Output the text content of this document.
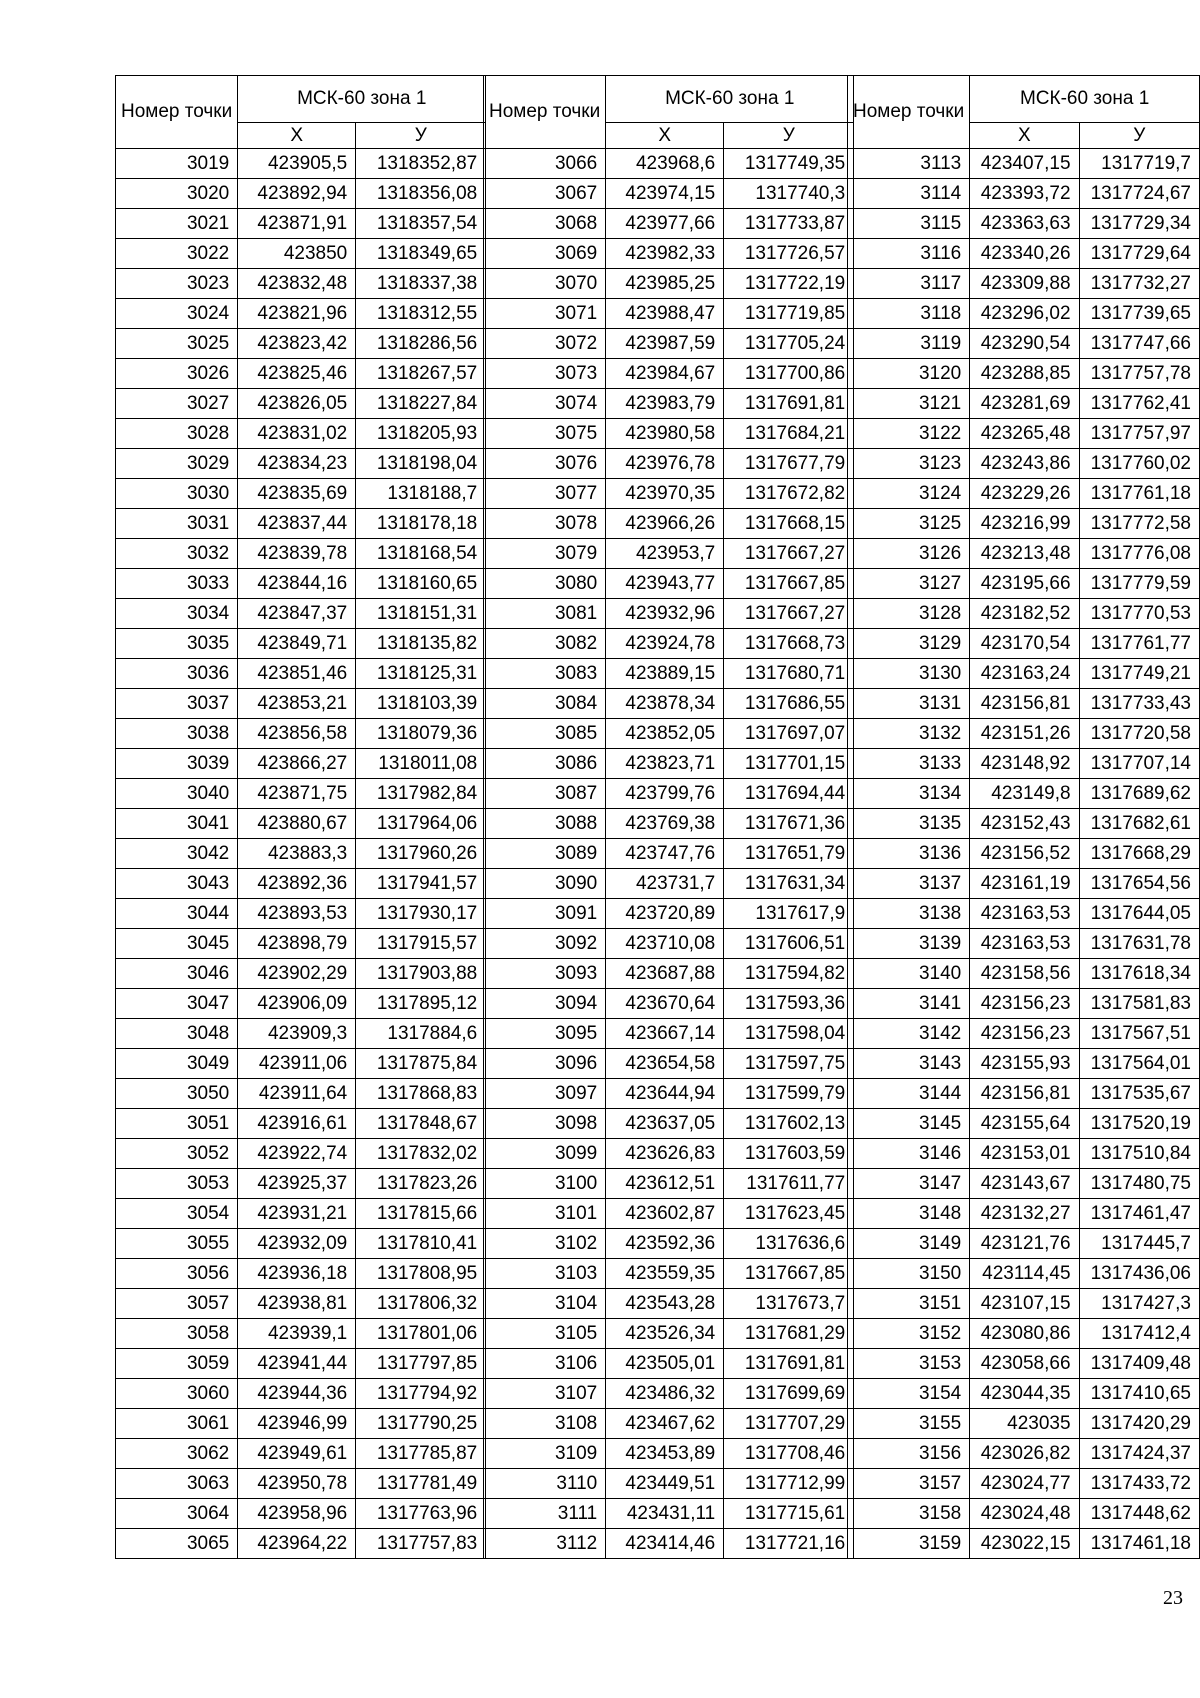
Номер точки	МСК-60 зона 1	
	Х	У
3019	423905,5	1318352,87
3020	423892,94	1318356,08
3021	423871,91	1318357,54
3022	423850	1318349,65
3023	423832,48	1318337,38
3024	423821,96	1318312,55
3025	423823,42	1318286,56
3026	423825,46	1318267,57
3027	423826,05	1318227,84
3028	423831,02	1318205,93
3029	423834,23	1318198,04
3030	423835,69	1318188,7
3031	423837,44	1318178,18
3032	423839,78	1318168,54
3033	423844,16	1318160,65
3034	423847,37	1318151,31
3035	423849,71	1318135,82
3036	423851,46	1318125,31
3037	423853,21	1318103,39
3038	423856,58	1318079,36
3039	423866,27	1318011,08
3040	423871,75	1317982,84
3041	423880,67	1317964,06
3042	423883,3	1317960,26
3043	423892,36	1317941,57
3044	423893,53	1317930,17
3045	423898,79	1317915,57
3046	423902,29	1317903,88
3047	423906,09	1317895,12
3048	423909,3	1317884,6
3049	423911,06	1317875,84
3050	423911,64	1317868,83
3051	423916,61	1317848,67
3052	423922,74	1317832,02
3053	423925,37	1317823,26
3054	423931,21	1317815,66
3055	423932,09	1317810,41
3056	423936,18	1317808,95
3057	423938,81	1317806,32
3058	423939,1	1317801,06
3059	423941,44	1317797,85
3060	423944,36	1317794,92
3061	423946,99	1317790,25
3062	423949,61	1317785,87
3063	423950,78	1317781,49
3064	423958,96	1317763,96
3065	423964,22	1317757,83
Номер точки	МСК-60 зона 1	
	Х	У
3066	423968,6	1317749,35
3067	423974,15	1317740,3
3068	423977,66	1317733,87
3069	423982,33	1317726,57
3070	423985,25	1317722,19
3071	423988,47	1317719,85
3072	423987,59	1317705,24
3073	423984,67	1317700,86
3074	423983,79	1317691,81
3075	423980,58	1317684,21
3076	423976,78	1317677,79
3077	423970,35	1317672,82
3078	423966,26	1317668,15
3079	423953,7	1317667,27
3080	423943,77	1317667,85
3081	423932,96	1317667,27
3082	423924,78	1317668,73
3083	423889,15	1317680,71
3084	423878,34	1317686,55
3085	423852,05	1317697,07
3086	423823,71	1317701,15
3087	423799,76	1317694,44
3088	423769,38	1317671,36
3089	423747,76	1317651,79
3090	423731,7	1317631,34
3091	423720,89	1317617,9
3092	423710,08	1317606,51
3093	423687,88	1317594,82
3094	423670,64	1317593,36
3095	423667,14	1317598,04
3096	423654,58	1317597,75
3097	423644,94	1317599,79
3098	423637,05	1317602,13
3099	423626,83	1317603,59
3100	423612,51	1317611,77
3101	423602,87	1317623,45
3102	423592,36	1317636,6
3103	423559,35	1317667,85
3104	423543,28	1317673,7
3105	423526,34	1317681,29
3106	423505,01	1317691,81
3107	423486,32	1317699,69
3108	423467,62	1317707,29
3109	423453,89	1317708,46
3110	423449,51	1317712,99
3111	423431,11	1317715,61
3112	423414,46	1317721,16
Номер точки	МСК-60 зона 1	
	Х	У
3113	423407,15	1317719,7
3114	423393,72	1317724,67
3115	423363,63	1317729,34
3116	423340,26	1317729,64
3117	423309,88	1317732,27
3118	423296,02	1317739,65
3119	423290,54	1317747,66
3120	423288,85	1317757,78
3121	423281,69	1317762,41
3122	423265,48	1317757,97
3123	423243,86	1317760,02
3124	423229,26	1317761,18
3125	423216,99	1317772,58
3126	423213,48	1317776,08
3127	423195,66	1317779,59
3128	423182,52	1317770,53
3129	423170,54	1317761,77
3130	423163,24	1317749,21
3131	423156,81	1317733,43
3132	423151,26	1317720,58
3133	423148,92	1317707,14
3134	423149,8	1317689,62
3135	423152,43	1317682,61
3136	423156,52	1317668,29
3137	423161,19	1317654,56
3138	423163,53	1317644,05
3139	423163,53	1317631,78
3140	423158,56	1317618,34
3141	423156,23	1317581,83
3142	423156,23	1317567,51
3143	423155,93	1317564,01
3144	423156,81	1317535,67
3145	423155,64	1317520,19
3146	423153,01	1317510,84
3147	423143,67	1317480,75
3148	423132,27	1317461,47
3149	423121,76	1317445,7
3150	423114,45	1317436,06
3151	423107,15	1317427,3
3152	423080,86	1317412,4
3153	423058,66	1317409,48
3154	423044,35	1317410,65
3155	423035	1317420,29
3156	423026,82	1317424,37
3157	423024,77	1317433,72
3158	423024,48	1317448,62
3159	423022,15	1317461,18
23
